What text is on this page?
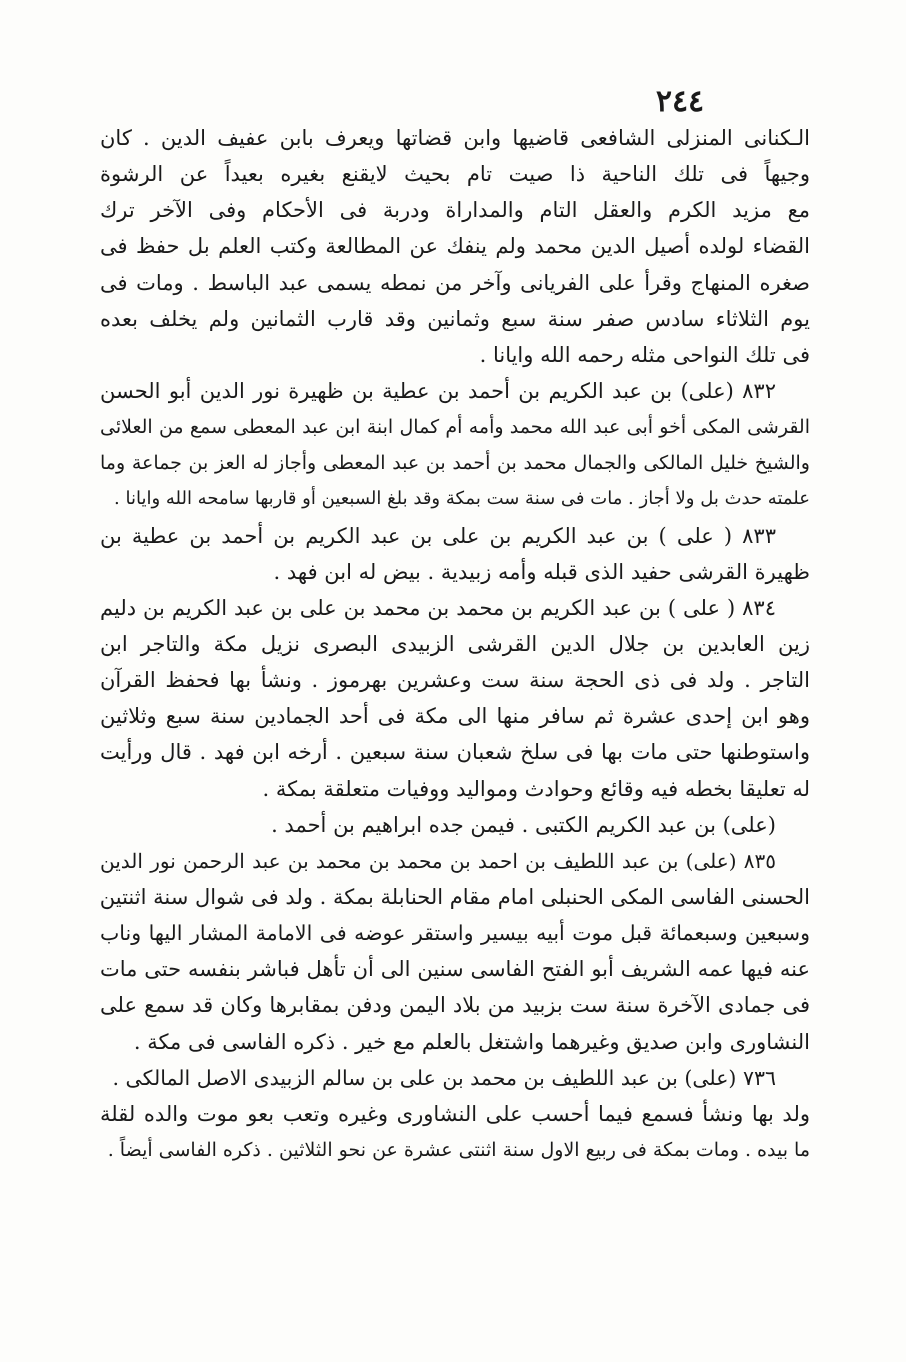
٢٤٤
الـكنانى المنزلى الشافعى قاضيها وابن قضاتها ويعرف بابن عفيف الدين . كان
وجيهاً فى تلك الناحية ذا صيت تام بحيث لايقنع بغيره بعيداً عن الرشوة
مع مزيد الكرم والعقل التام والمداراة ودربة فى الأحكام وفى الآخر ترك
القضاء لولده أصيل الدين محمد ولم ينفك عن المطالعة وكتب العلم بل حفظ فى
صغره المنهاج وقرأ على الفريانى وآخر من نمطه يسمى عبد الباسط . ومات فى
يوم الثلاثاء سادس صفر سنة سبع وثمانين وقد قارب الثمانين ولم يخلف بعده
فى تلك النواحى مثله رحمه الله وايانا .
٨٣٢ (على) بن عبد الكريم بن أحمد بن عطية بن ظهيرة نور الدين أبو الحسن
القرشى المكى أخو أبى عبد الله محمد وأمه أم كمال ابنة ابن عبد المعطى سمع من العلائى
والشيخ خليل المالكى والجمال محمد بن أحمد بن عبد المعطى وأجاز له العز بن جماعة وما
علمته حدث بل ولا أجاز . مات فى سنة ست بمكة وقد بلغ السبعين أو قاربها سامحه الله وايانا .
٨٣٣ ( على ) بن عبد الكريم بن على بن عبد الكريم بن أحمد بن عطية بن
ظهيرة القرشى حفيد الذى قبله وأمه زبيدية . بيض له ابن فهد .
٨٣٤ ( على ) بن عبد الكريم بن محمد بن محمد بن على بن عبد الكريم بن دليم
زين العابدين بن جلال الدين القرشى الزبيدى البصرى نزيل مكة والتاجر ابن
التاجر . ولد فى ذى الحجة سنة ست وعشرين بهرموز . ونشأ بها فحفظ القرآن
وهو ابن إحدى عشرة ثم سافر منها الى مكة فى أحد الجمادين سنة سبع وثلاثين
واستوطنها حتى مات بها فى سلخ شعبان سنة سبعين . أرخه ابن فهد . قال ورأيت
له تعليقا بخطه فيه وقائع وحوادث ومواليد ووفيات متعلقة بمكة .
(على) بن عبد الكريم الكتبى . فيمن جده ابراهيم بن أحمد .
٨٣٥ (على) بن عبد اللطيف بن احمد بن محمد بن محمد بن عبد الرحمن نور الدين
الحسنى الفاسى المكى الحنبلى امام مقام الحنابلة بمكة . ولد فى شوال سنة اثنتين
وسبعين وسبعمائة قبل موت أبيه بيسير واستقر عوضه فى الامامة المشار اليها وناب
عنه فيها عمه الشريف أبو الفتح الفاسى سنين الى أن تأهل فباشر بنفسه حتى مات
فى جمادى الآخرة سنة ست بزبيد من بلاد اليمن ودفن بمقابرها وكان قد سمع على
النشاورى وابن صديق وغيرهما واشتغل بالعلم مع خير . ذكره الفاسى فى مكة .
٧٣٦ (على) بن عبد اللطيف بن محمد بن على بن سالم الزبيدى الاصل المالكى .
ولد بها ونشأ فسمع فيما أحسب على النشاورى وغيره وتعب بعو موت والده لقلة
ما بيده . ومات بمكة فى ربيع الاول سنة اثنتى عشرة عن نحو الثلاثين . ذكره الفاسى أيضاً .
